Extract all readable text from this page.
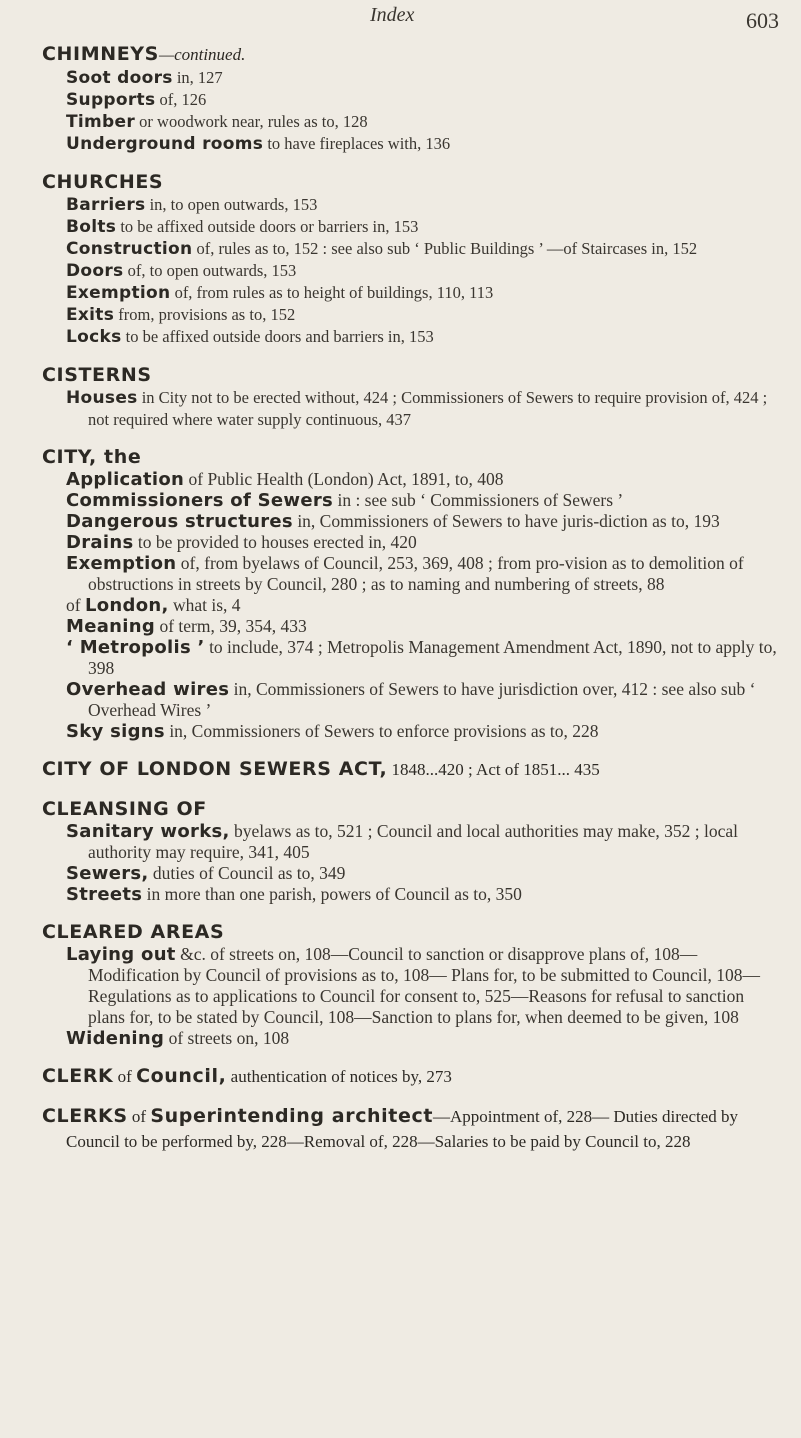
Index	603
CHIMNEYS—continued.
Soot doors in, 127
Supports of, 126
Timber or woodwork near, rules as to, 128
Underground rooms to have fireplaces with, 136
CHURCHES
Barriers in, to open outwards, 153
Bolts to be affixed outside doors or barriers in, 153
Construction of, rules as to, 152 : see also sub ‘ Public Buildings ’ —of Staircases in, 152
Doors of, to open outwards, 153
Exemption of, from rules as to height of buildings, 110, 113
Exits from, provisions as to, 152
Locks to be affixed outside doors and barriers in, 153
CISTERNS
Houses in City not to be erected without, 424 ; Commissioners of Sewers to require provision of, 424 ; not required where water supply continuous, 437
CITY, the
Application of Public Health (London) Act, 1891, to, 408
Commissioners of Sewers in : see sub ‘ Commissioners of Sewers ’
Dangerous structures in, Commissioners of Sewers to have juris-diction as to, 193
Drains to be provided to houses erected in, 420
Exemption of, from byelaws of Council, 253, 369, 408 ; from pro-vision as to demolition of obstructions in streets by Council, 280 ; as to naming and numbering of streets, 88
of London, what is, 4
Meaning of term, 39, 354, 433
‘ Metropolis ’ to include, 374 ; Metropolis Management Amendment Act, 1890, not to apply to, 398
Overhead wires in, Commissioners of Sewers to have jurisdiction over, 412 : see also sub ‘ Overhead Wires ’
Sky signs in, Commissioners of Sewers to enforce provisions as to, 228
CITY OF LONDON SEWERS ACT, 1848...420 ; Act of 1851... 435
CLEANSING OF
Sanitary works, byelaws as to, 521 ; Council and local authorities may make, 352 ; local authority may require, 341, 405
Sewers, duties of Council as to, 349
Streets in more than one parish, powers of Council as to, 350
CLEARED AREAS
Laying out &c. of streets on, 108—Council to sanction or disapprove plans of, 108—Modification by Council of provisions as to, 108— Plans for, to be submitted to Council, 108—Regulations as to applications to Council for consent to, 525—Reasons for refusal to sanction plans for, to be stated by Council, 108—Sanction to plans for, when deemed to be given, 108
Widening of streets on, 108
CLERK of Council, authentication of notices by, 273
CLERKS of Superintending architect—Appointment of, 228— Duties directed by Council to be performed by, 228—Removal of, 228—Salaries to be paid by Council to, 228
